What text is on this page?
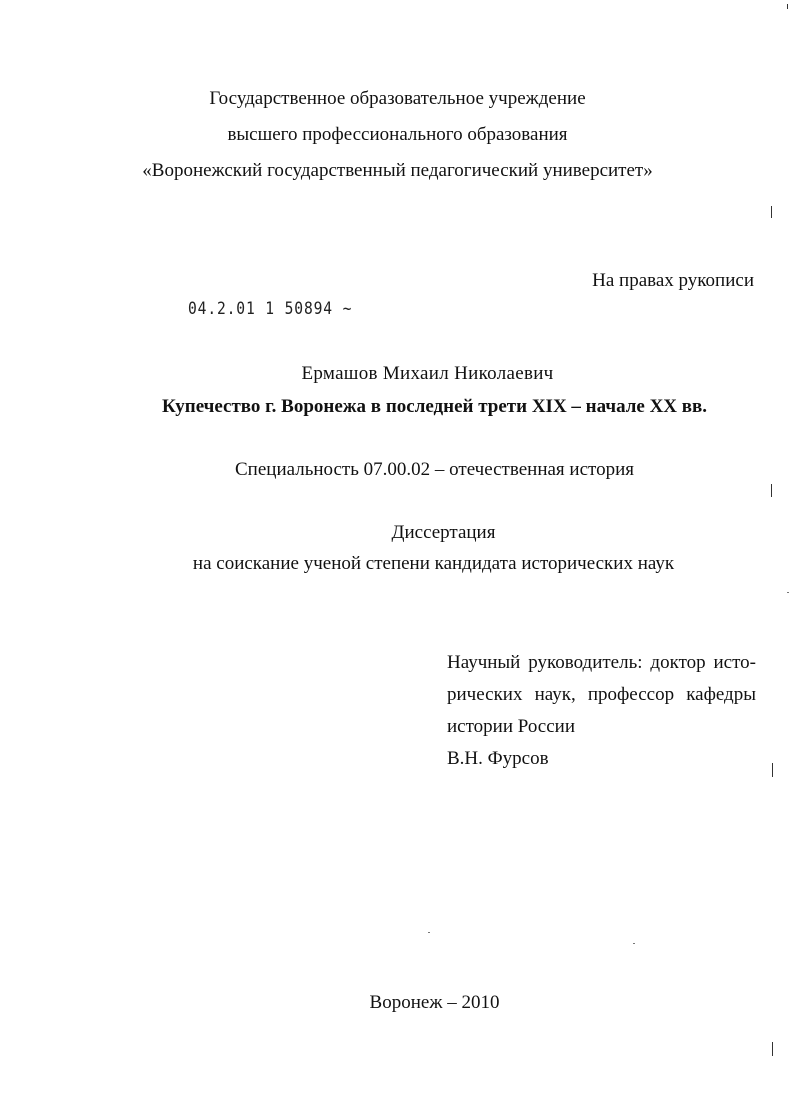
Государственное образовательное учреждение
высшего профессионального образования
«Воронежский государственный педагогический университет»
На правах рукописи
04.2.01 1 50894 ~
Ермашов Михаил Николаевич
Купечество г. Воронежа в последней трети XIX – начале XX вв.
Специальность 07.00.02 – отечественная история
Диссертация
на соискание ученой степени кандидата исторических наук
Научный руководитель: доктор исто-
рических наук, профессор кафедры
истории России
В.Н. Фурсов
Воронеж – 2010
